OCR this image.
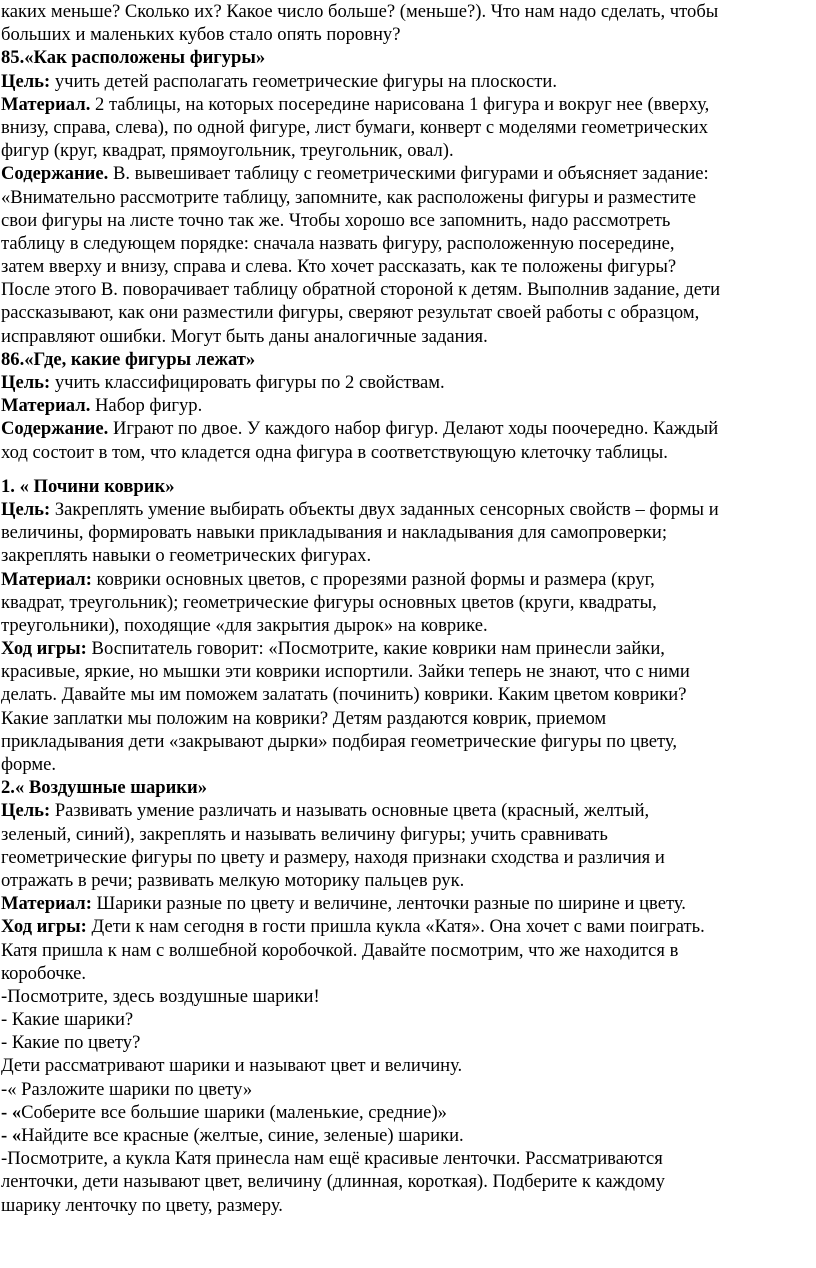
каких меньше? Сколько их? Какое число больше? (меньше?). Что нам надо сделать, чтобы
больших и маленьких кубов стало опять поровну?
85.«Как расположены фигуры»
Цель: учить детей располагать геометрические фигуры на плоскости.
Материал. 2 таблицы, на которых посередине нарисована 1 фигура и вокруг нее (вверху,
внизу, справа, слева), по одной фигуре, лист бумаги, конверт с моделями геометрических
фигур (круг, квадрат, прямоугольник, треугольник, овал).
Содержание. В. вывешивает таблицу с геометрическими фигурами и объясняет задание:
«Внимательно рассмотрите таблицу, запомните, как расположены фигуры и разместите
свои фигуры на листе точно так же. Чтобы хорошо все запомнить, надо рассмотреть
таблицу в следующем порядке: сначала назвать фигуру, расположенную посередине,
затем вверху и внизу, справа и слева. Кто хочет рассказать, как те положены фигуры?
После этого В. поворачивает таблицу обратной стороной к детям. Выполнив задание, дети
рассказывают, как они разместили фигуры, сверяют результат своей работы с образцом,
исправляют ошибки. Могут быть даны аналогичные задания.
86.«Где, какие фигуры лежат»
Цель: учить классифицировать фигуры по 2 свойствам.
Материал. Набор фигур.
Содержание. Играют по двое. У каждого набор фигур. Делают ходы поочередно. Каждый
ход состоит в том, что кладется одна фигура в соответствующую клеточку таблицы.
1. « Почини коврик»
Цель: Закреплять умение выбирать объекты двух заданных сенсорных свойств – формы и
величины, формировать навыки прикладывания и накладывания для самопроверки;
закреплять навыки о геометрических фигурах.
Материал: коврики основных цветов, с прорезями разной формы и размера (круг,
квадрат, треугольник); геометрические фигуры основных цветов (круги, квадраты,
треугольники), походящие «для закрытия дырок» на коврике.
Ход игры: Воспитатель говорит: «Посмотрите, какие коврики нам принесли зайки,
красивые, яркие, но мышки эти коврики испортили. Зайки теперь не знают, что с ними
делать. Давайте мы им поможем залатать (починить) коврики. Каким цветом коврики?
Какие заплатки мы положим на коврики? Детям раздаются коврик, приемом
прикладывания дети «закрывают дырки» подбирая геометрические фигуры по цвету,
форме.
2.« Воздушные шарики»
Цель: Развивать умение различать и называть основные цвета (красный, желтый,
зеленый, синий), закреплять и называть величину фигуры; учить сравнивать
геометрические фигуры по цвету и размеру, находя признаки сходства и различия и
отражать в речи; развивать мелкую моторику пальцев рук.
Материал: Шарики разные по цвету и величине, ленточки разные по ширине и цвету.
Ход игры: Дети к нам сегодня в гости пришла кукла «Катя». Она хочет с вами поиграть.
Катя пришла к нам с волшебной коробочкой. Давайте посмотрим, что же находится в
коробочке.
-Посмотрите, здесь воздушные шарики!
- Какие шарики?
- Какие по цвету?
Дети рассматривают шарики и называют цвет и величину.
-« Разложите шарики по цвету»
- «Соберите все большие шарики (маленькие, средние)»
- «Найдите все красные (желтые, синие, зеленые) шарики.
-Посмотрите, а кукла Катя принесла нам ещё красивые ленточки. Рассматриваются
ленточки, дети называют цвет, величину (длинная, короткая). Подберите к каждому
шарику ленточку по цвету, размеру.
